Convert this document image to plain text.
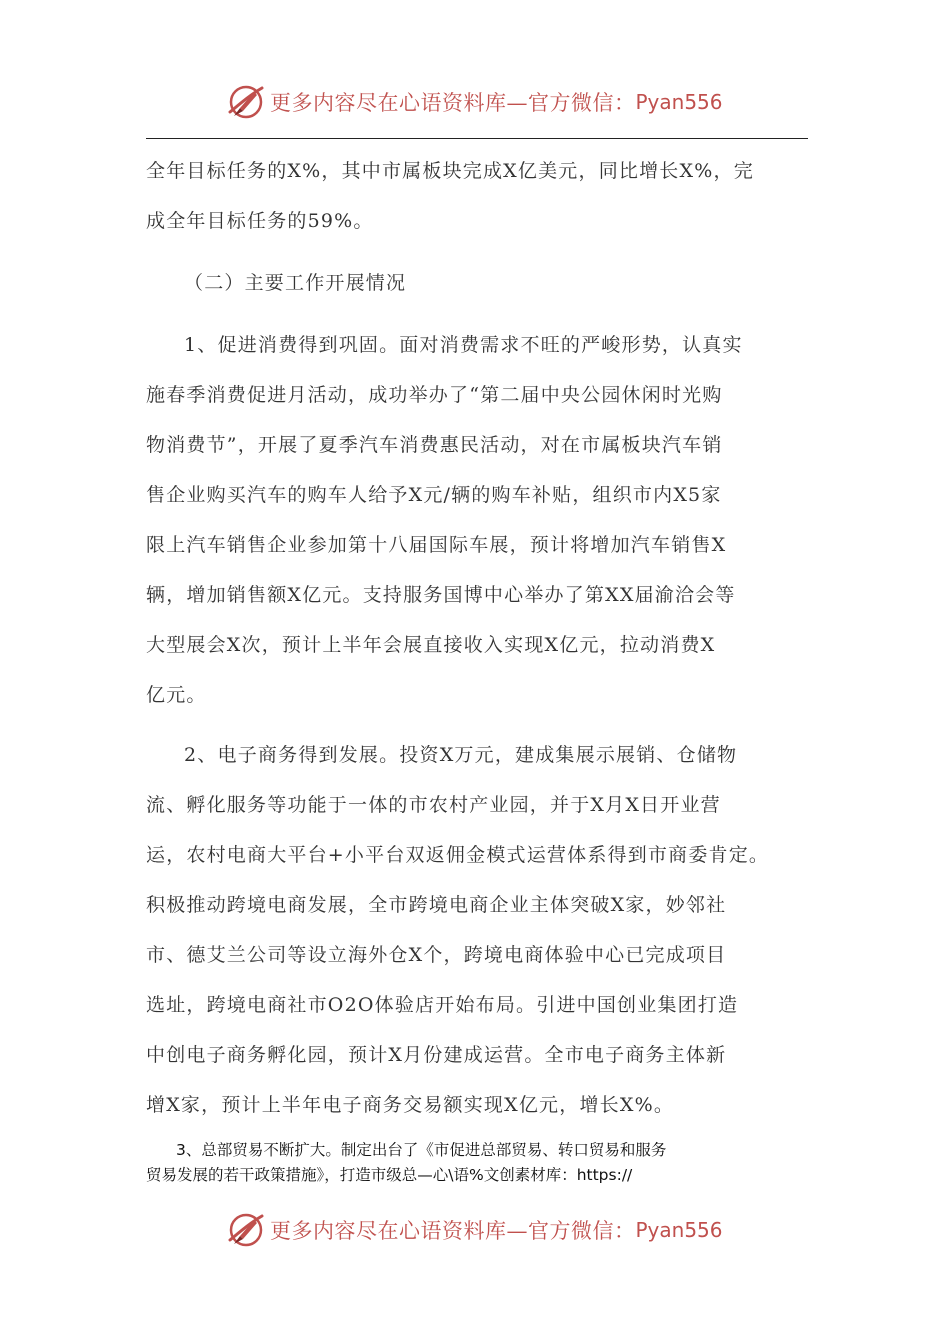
更多内容尽在心语资料库—官方微信： Pyan556
全年目标任务的X%，其中市属板块完成X亿美元，同比增长X%，完
成全年目标任务的59%。
（二）主要工作开展情况
1、促进消费得到巩固。面对消费需求不旺的严峻形势，认真实
施春季消费促进月活动，成功举办了“第二届中央公园休闲时光购
物消费节”，开展了夏季汽车消费惠民活动，对在市属板块汽车销
售企业购买汽车的购车人给予X元/辆的购车补贴，组织市内X5家
限上汽车销售企业参加第十八届国际车展，预计将增加汽车销售X
辆，增加销售额X亿元。支持服务国博中心举办了第XX届渝洽会等
大型展会X次，预计上半年会展直接收入实现X亿元，拉动消费X
亿元。
2、电子商务得到发展。投资X万元，建成集展示展销、仓储物
流、孵化服务等功能于一体的市农村产业园，并于X月X日开业营
运，农村电商大平台+小平台双返佣金模式运营体系得到市商委肯定。
积极推动跨境电商发展，全市跨境电商企业主体突破X家，妙邻社
市、德艾兰公司等设立海外仓X个，跨境电商体验中心已完成项目
选址，跨境电商社市O2O体验店开始布局。引进中国创业集团打造
中创电子商务孵化园，预计X月份建成运营。全市电子商务主体新
增X家，预计上半年电子商务交易额实现X亿元，增长X%。
3、总部贸易不断扩大。制定出台了《市促进总部贸易、转口贸易和服务
贸易发展的若干政策措施》，打造市级总—心\语%文创素材库：https://
更多内容尽在心语资料库—官方微信： Pyan556
